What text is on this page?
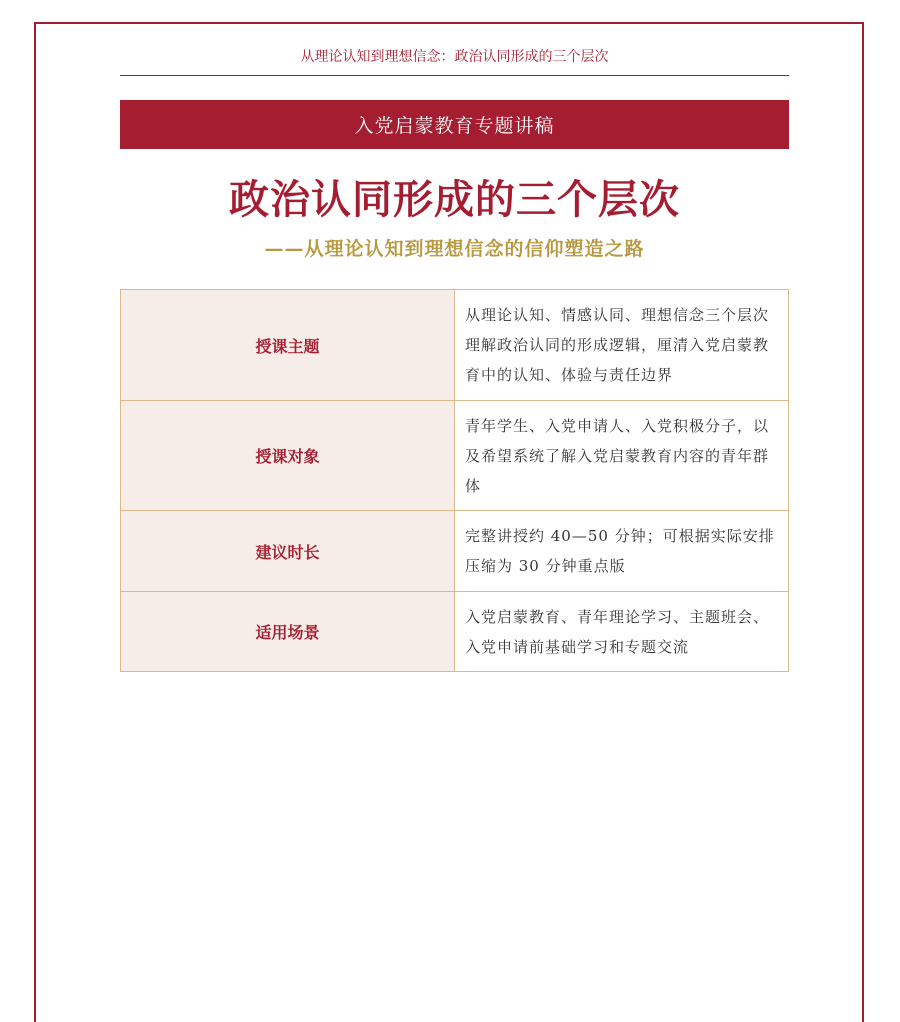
从理论认知到理想信念：政治认同形成的三个层次
入党启蒙教育专题讲稿
政治认同形成的三个层次
——从理论认知到理想信念的信仰塑造之路
授课主题	从理论认知、情感认同、理想信念三个层次理解政治认同的形成逻辑，厘清入党启蒙教育中的认知、体验与责任边界
授课对象	青年学生、入党申请人、入党积极分子，以及希望系统了解入党启蒙教育内容的青年群体
建议时长	完整讲授约 40—50 分钟；可根据实际安排压缩为 30 分钟重点版
适用场景	入党启蒙教育、青年理论学习、主题班会、入党申请前基础学习和专题交流
